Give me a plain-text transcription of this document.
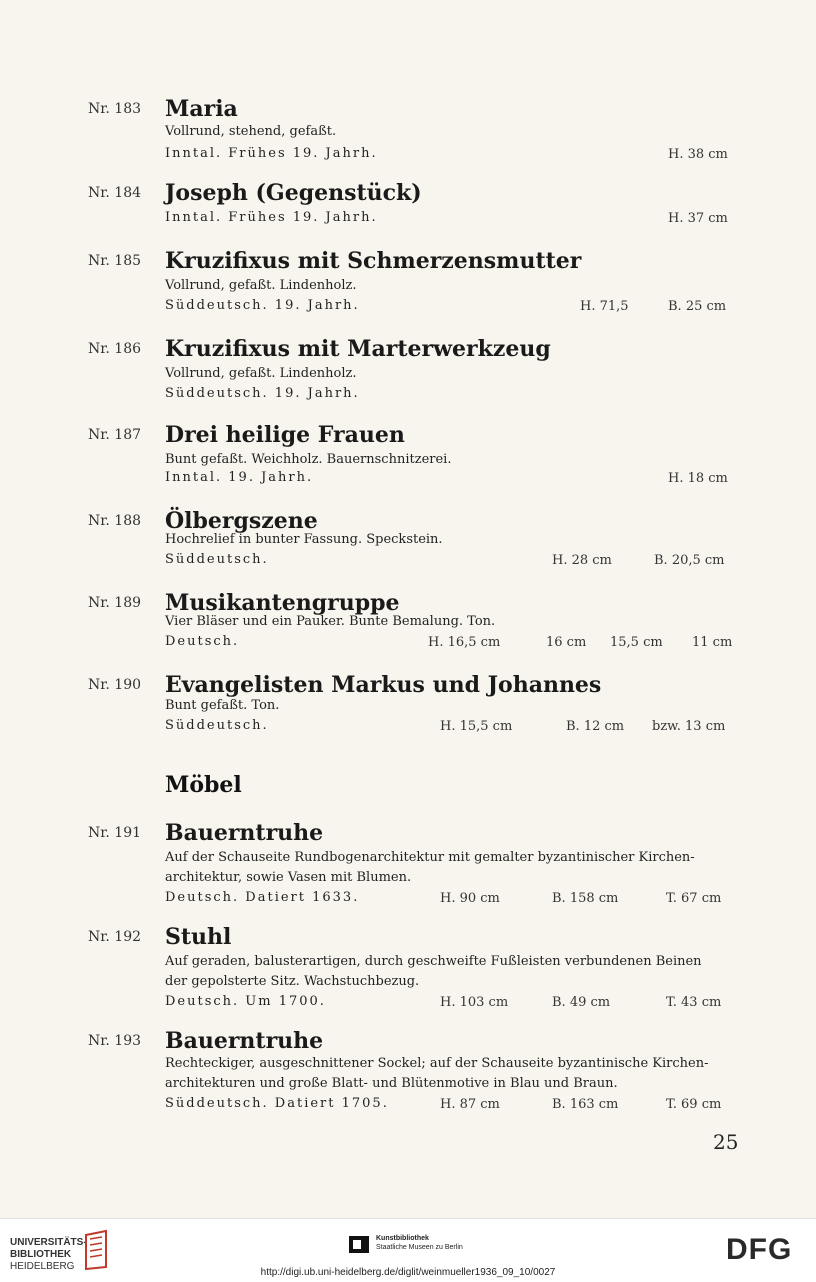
Nr. 183 Maria
Vollrund, stehend, gefaßt.
Inntal. Frühes 19. Jahrh.	H. 38 cm
Nr. 184 Joseph (Gegenstück)
Inntal. Frühes 19. Jahrh.	H. 37 cm
Nr. 185 Kruzifixus mit Schmerzensmutter
Vollrund, gefaßt. Lindenholz.
Süddeutsch. 19. Jahrh.	H. 71,5	B. 25 cm
Nr. 186 Kruzifixus mit Marterwerkzeug
Vollrund, gefaßt. Lindenholz.
Süddeutsch. 19. Jahrh.
Nr. 187 Drei heilige Frauen
Bunt gefaßt. Weichholz. Bauernschnitzerei.
Inntal. 19. Jahrh.	H. 18 cm
Nr. 188 Ölbergszene
Hochrelief in bunter Fassung. Speckstein.
Süddeutsch.	H. 28 cm	B. 20,5 cm
Nr. 189 Musikantengruppe
Vier Bläser und ein Pauker. Bunte Bemalung. Ton.
Deutsch.	H. 16,5 cm	16 cm 15,5 cm 11 cm
Nr. 190 Evangelisten Markus und Johannes
Bunt gefaßt. Ton.
Süddeutsch.	H. 15,5 cm	B. 12 cm bzw. 13 cm
Möbel
Nr. 191 Bauerntruhe
Auf der Schauseite Rundbogenarchitektur mit gemalter byzantinischer Kirchen-
architektur, sowie Vasen mit Blumen.
Deutsch. Datiert 1633.	H. 90 cm	B. 158 cm	T. 67 cm
Nr. 192 Stuhl
Auf geraden, balusterartigen, durch geschweifte Fußleisten verbundenen Beinen
der gepolsterte Sitz. Wachstuchbezug.
Deutsch. Um 1700.	H. 103 cm	B. 49 cm	T. 43 cm
Nr. 193 Bauerntruhe
Rechteckiger, ausgeschnittener Sockel; auf der Schauseite byzantinische Kirchen-
architekturen und große Blatt- und Blütenmotive in Blau und Braun.
Süddeutsch. Datiert 1705.	H. 87 cm	B. 163 cm	T. 69 cm
25
UNIVERSITÄTS-
BIBLIOTHEK
HEIDELBERG
Kunstbibliothek
Staatliche Museen zu Berlin	DFG
http://digi.ub.uni-heidelberg.de/diglit/weinmueller1936_09_10/0027
